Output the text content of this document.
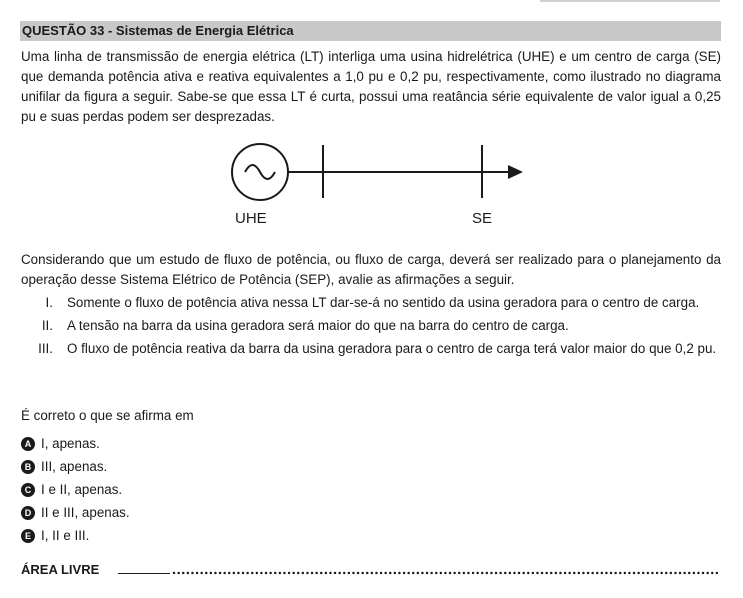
QUESTÃO 33 - Sistemas de Energia Elétrica

Uma linha de transmissão de energia elétrica (LT) interliga uma usina hidrelétrica (UHE) e um centro de carga (SE) que demanda potência ativa e reativa equivalentes a 1,0 pu e 0,2 pu, respectivamente, como ilustrado no diagrama unifilar da figura a seguir. Sabe-se que essa LT é curta, possui uma reatância série equivalente de valor igual a 0,25 pu e suas perdas podem ser desprezadas.

UHE	SE

Considerando que um estudo de fluxo de potência, ou fluxo de carga, deverá ser realizado para o planejamento da operação desse Sistema Elétrico de Potência (SEP), avalie as afirmações a seguir.

I. Somente o fluxo de potência ativa nessa LT dar-se-á no sentido da usina geradora para o centro de carga.
II. A tensão na barra da usina geradora será maior do que na barra do centro de carga.
III. O fluxo de potência reativa da barra da usina geradora para o centro de carga terá valor maior do que 0,2 pu.

É correto o que se afirma em

A I, apenas.
B III, apenas.
C I e II, apenas.
D II e III, apenas.
E I, II e III.
ÁREA LIVRE
